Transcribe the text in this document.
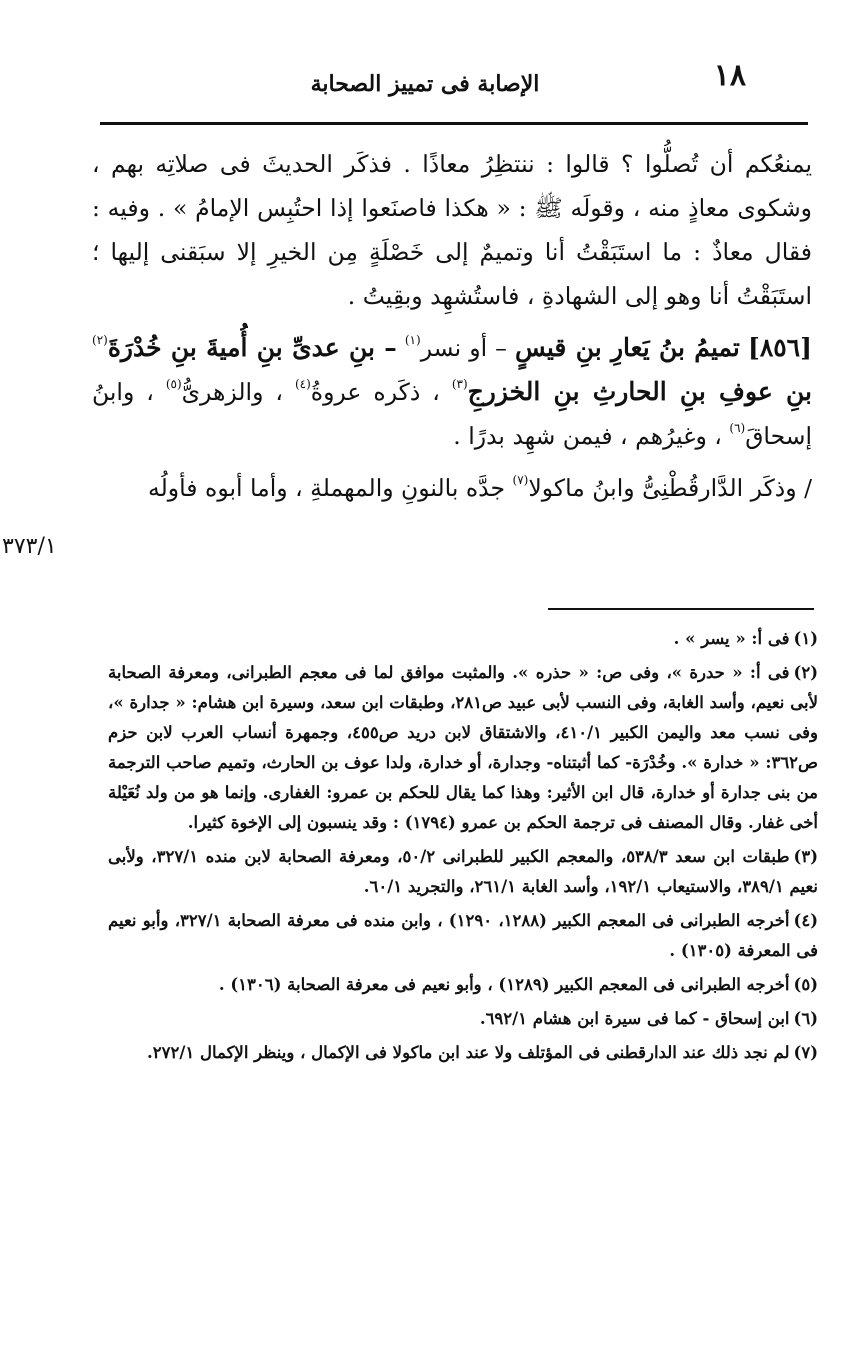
١٨
الإصابة فى تمييز الصحابة

يمنعُكم أن تُصلُّوا ؟ قالوا : ننتظِرُ معاذًا . فذكَر الحديثَ فى صلاتِه بهم ، وشكوى معاذٍ منه ، وقولَه ﷺ : « هكذا فاصنَعوا إذا احتُبِس الإمامُ » . وفيه : فقال معاذٌ : ما استَبَقْتُ أنا وتميمٌ إلى خَصْلَةٍ مِن الخيرِ إلا سبَقنى إليها ؛ استَبَقْتُ أنا وهو إلى الشهادةِ ، فاستُشهِد وبقِيتُ .

[٨٥٦] تميمُ بنُ يَعارِ بنِ قيسٍ – أو نسر$^{(١)}$ – بنِ عدىِّ بنِ أُميةَ بنِ خُدْرَةَ$^{(٢)}$ بنِ عوفِ بنِ الحارثِ بنِ الخزرجِ$^{(٣)}$ ، ذكَره عروةُ$^{(٤)}$ ، والزهرىُّ$^{(٥)}$ ، وابنُ إسحاقَ$^{(٦)}$ ، وغيرُهم ، فيمن شهِد بدرًا .

/ وذكَر الدَّارقُطْنِىُّ وابنُ ماكولا$^{(٧)}$ جدَّه بالنونِ والمهملةِ ، وأما أبوه فأولُه

٣٧٣/١

(١)فى أ: « يسر » .

(٢)فى أ: « حدرة »، وفى ص: « حذره ». والمثبت موافق لما فى معجم الطبرانى، ومعرفة الصحابة لأبى نعيم، وأسد الغابة، وفى النسب لأبى عبيد ص٢٨١، وطبقات ابن سعد، وسيرة ابن هشام: « جدارة »، وفى نسب معد واليمن الكبير ٤١٠/١، والاشتقاق لابن دريد ص٤٥٥، وجمهرة أنساب العرب لابن حزم ص٣٦٢: « خدارة ». وخُدْرَة- كما أثبتناه- وجدارة، أو خدارة، ولدا عوف بن الحارث، وتميم صاحب الترجمة من بنى جدارة أو خدارة، قال ابن الأثير: وهذا كما يقال للحكم بن عمرو: الغفارى. وإنما هو من ولد نُعَيْلة أخى غفار. وقال المصنف فى ترجمة الحكم بن عمرو (١٧٩٤) : وقد ينسبون إلى الإخوة كثيرا.

(٣)طبقات ابن سعد ٥٣٨/٣، والمعجم الكبير للطبرانى ٥٠/٢، ومعرفة الصحابة لابن منده ٣٢٧/١، ولأبى نعيم ٣٨٩/١، والاستيعاب ١٩٢/١، وأسد الغابة ٢٦١/١، والتجريد ٦٠/١.

(٤)أخرجه الطبرانى فى المعجم الكبير (١٢٨٨، ١٢٩٠) ، وابن منده فى معرفة الصحابة ٣٢٧/١، وأبو نعيم فى المعرفة (١٣٠٥) .

(٥)أخرجه الطبرانى فى المعجم الكبير (١٢٨٩) ، وأبو نعيم فى معرفة الصحابة (١٣٠٦) .

(٦)ابن إسحاق - كما فى سيرة ابن هشام ٦٩٢/١.

(٧)لم نجد ذلك عند الدارقطنى فى المؤتلف ولا عند ابن ماكولا فى الإكمال ، وينظر الإكمال ٢٧٢/١.
